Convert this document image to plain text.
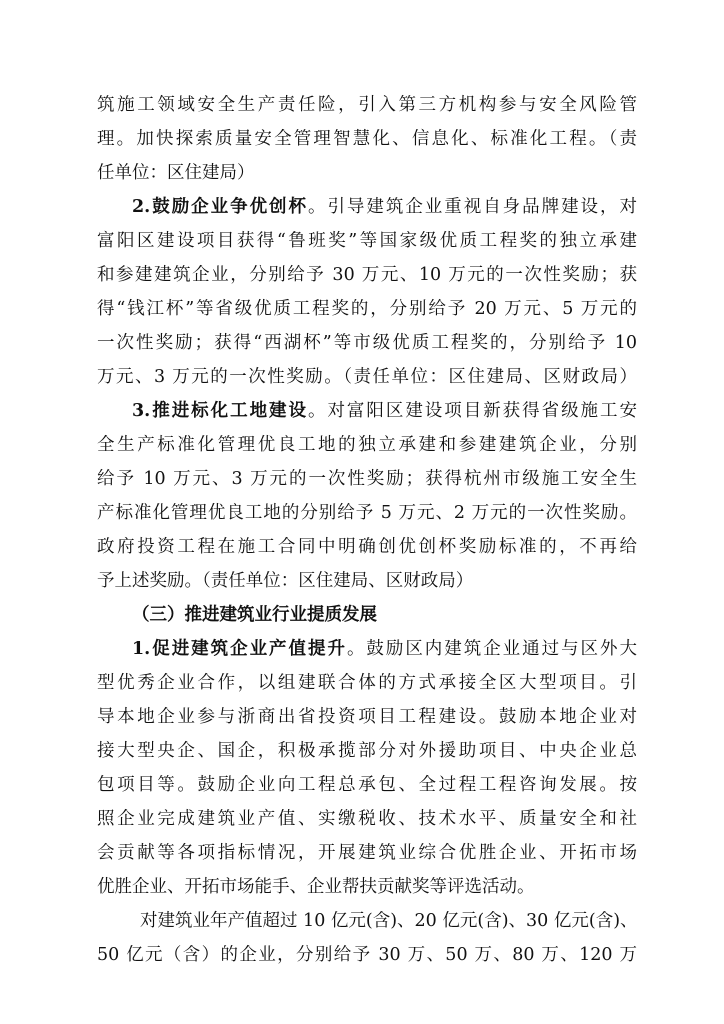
筑施工领域安全生产责任险，引入第三方机构参与安全风险管
理。加快探索质量安全管理智慧化、信息化、标准化工程。（责
任单位：区住建局）
2.鼓励企业争优创杯。引导建筑企业重视自身品牌建设，对
富阳区建设项目获得“鲁班奖”等国家级优质工程奖的独立承建
和参建建筑企业，分别给予 30 万元、10 万元的一次性奖励；获
得“钱江杯”等省级优质工程奖的，分别给予 20 万元、5 万元的
一次性奖励；获得“西湖杯”等市级优质工程奖的，分别给予 10
万元、3 万元的一次性奖励。（责任单位：区住建局、区财政局）
3.推进标化工地建设。对富阳区建设项目新获得省级施工安
全生产标准化管理优良工地的独立承建和参建建筑企业，分别
给予 10 万元、3 万元的一次性奖励；获得杭州市级施工安全生
产标准化管理优良工地的分别给予 5 万元、2 万元的一次性奖励。
政府投资工程在施工合同中明确创优创杯奖励标准的，不再给
予上述奖励。（责任单位：区住建局、区财政局）
（三）推进建筑业行业提质发展
1.促进建筑企业产值提升。鼓励区内建筑企业通过与区外大
型优秀企业合作，以组建联合体的方式承接全区大型项目。引
导本地企业参与浙商出省投资项目工程建设。鼓励本地企业对
接大型央企、国企，积极承揽部分对外援助项目、中央企业总
包项目等。鼓励企业向工程总承包、全过程工程咨询发展。按
照企业完成建筑业产值、实缴税收、技术水平、质量安全和社
会贡献等各项指标情况，开展建筑业综合优胜企业、开拓市场
优胜企业、开拓市场能手、企业帮扶贡献奖等评选活动。
对建筑业年产值超过 10 亿元(含)、20 亿元(含)、30 亿元(含)、
50 亿元（含）的企业，分别给予 30 万、50 万、80 万、120 万
